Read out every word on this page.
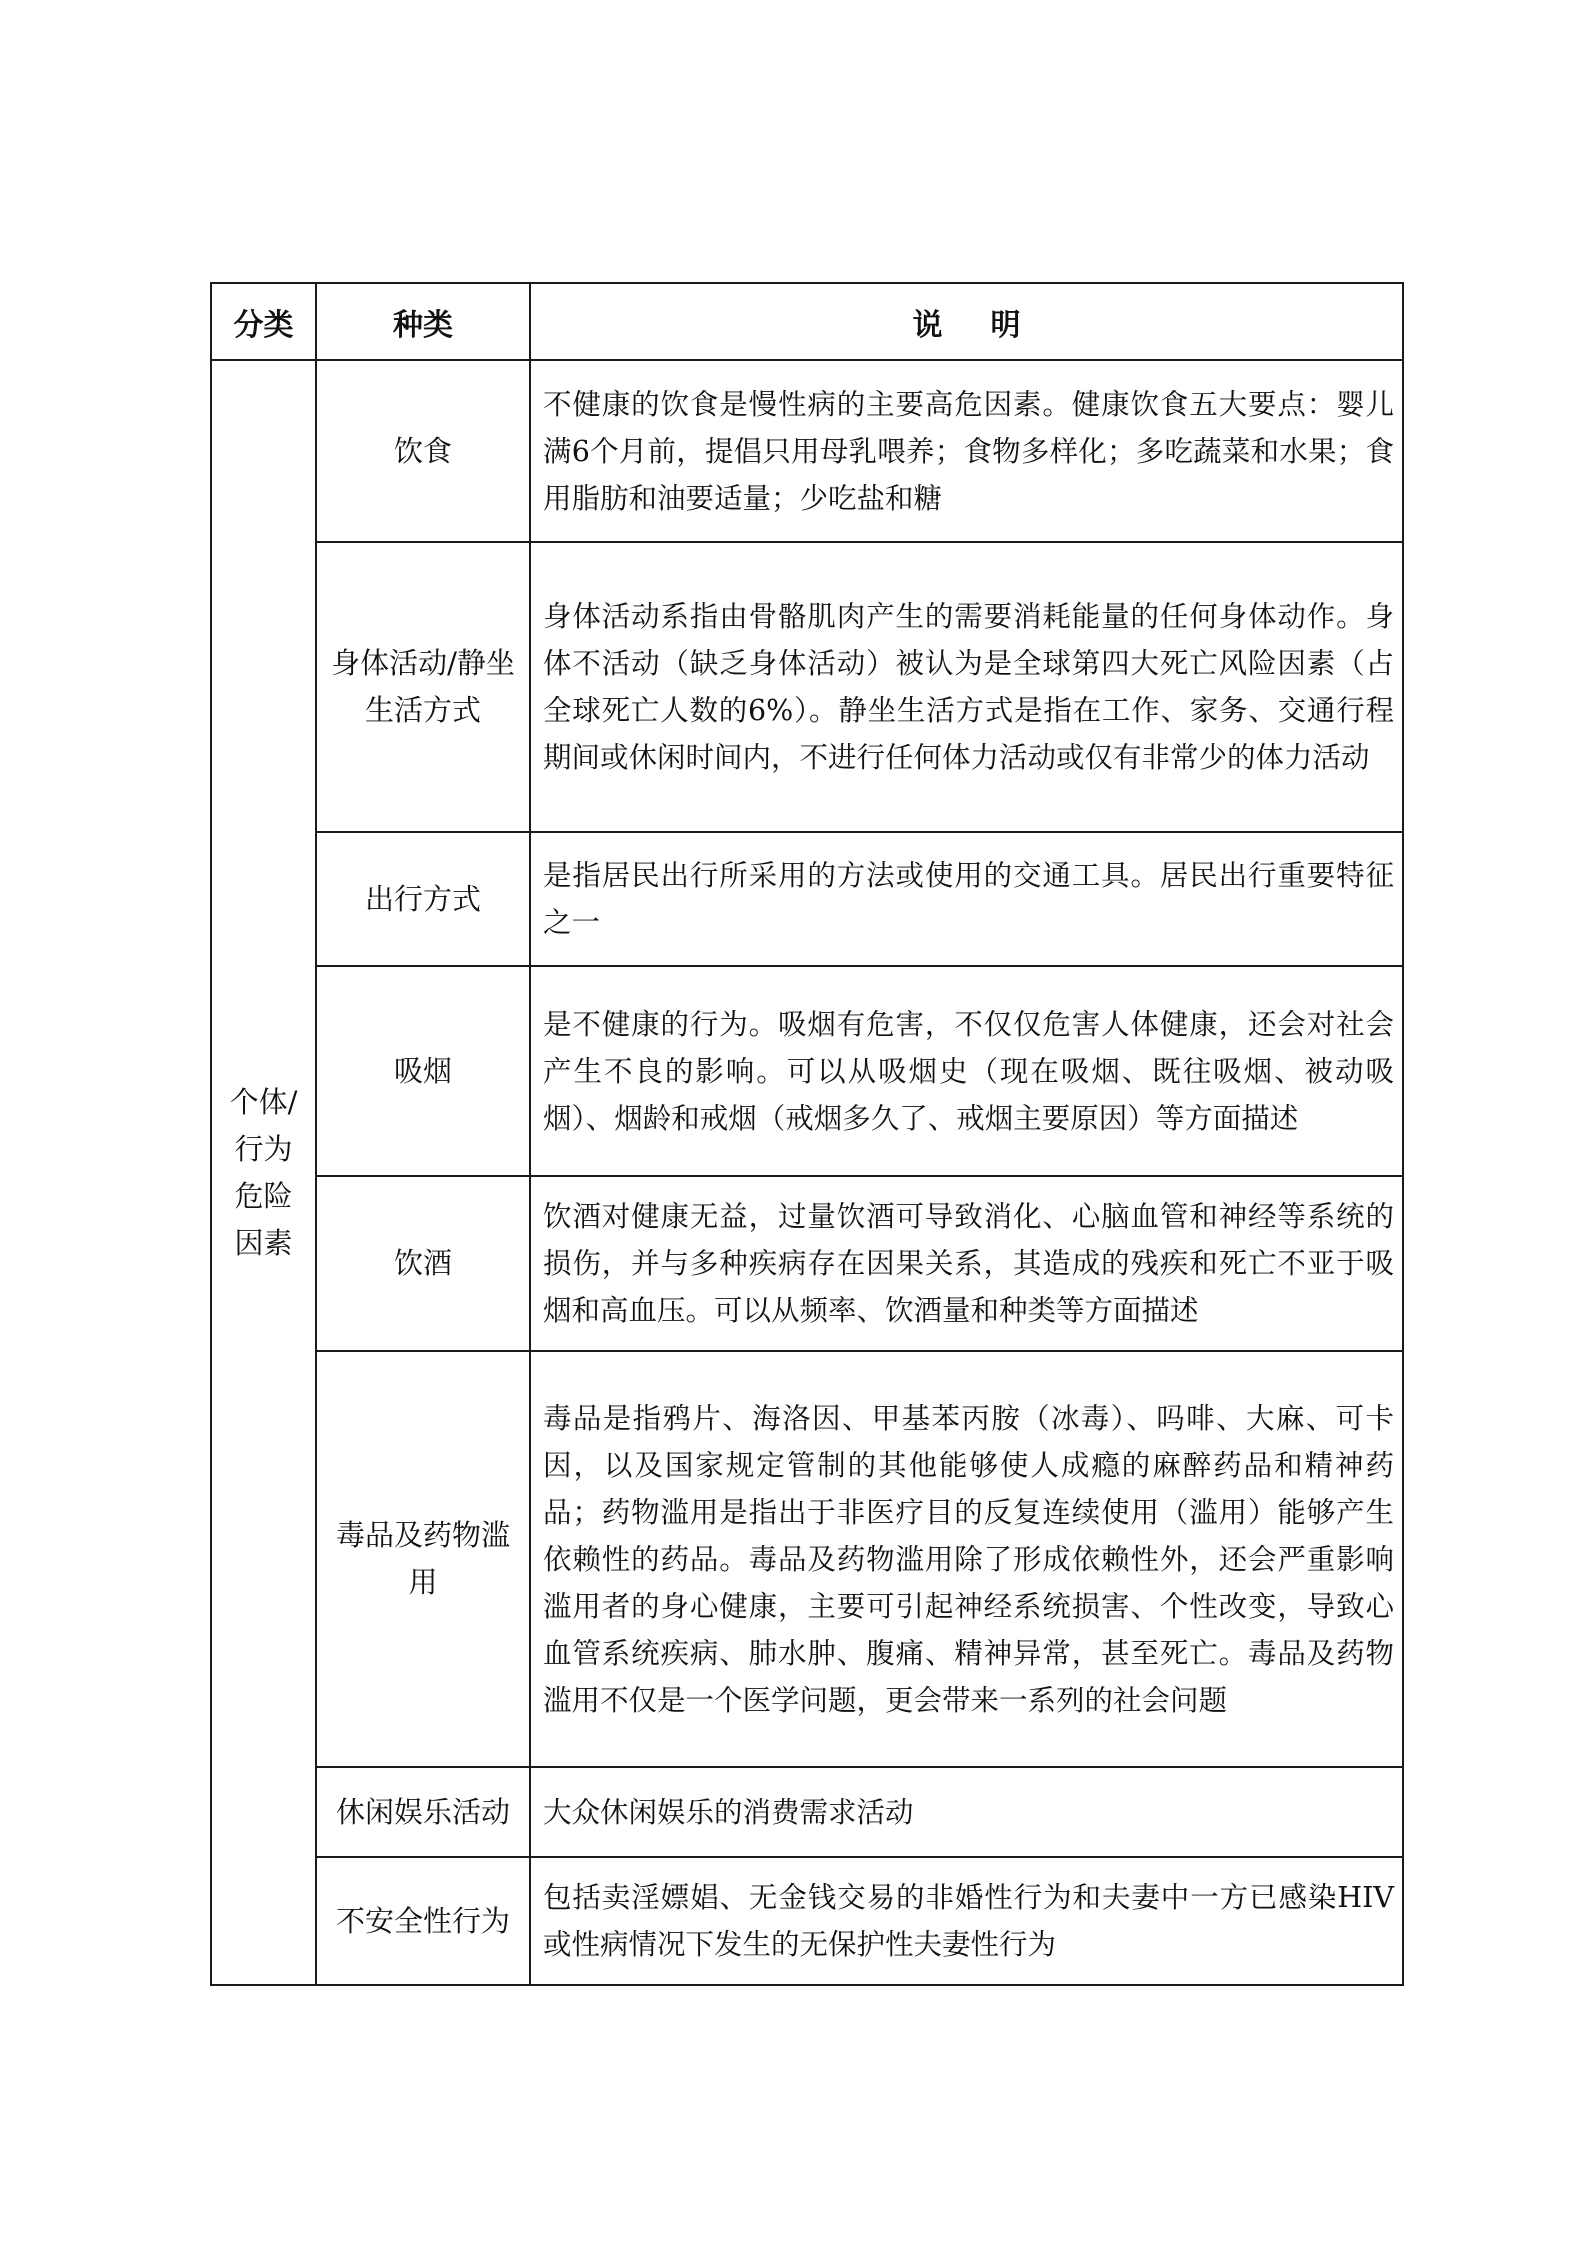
分类	种类	说明
个体/行为危险因素	饮食	不健康的饮食是慢性病的主要高危因素。健康饮食五大要点：婴儿满6个月前，提倡只用母乳喂养；食物多样化；多吃蔬菜和水果；食用脂肪和油要适量；少吃盐和糖
	身体活动/静坐生活方式	身体活动系指由骨骼肌肉产生的需要消耗能量的任何身体动作。身体不活动（缺乏身体活动）被认为是全球第四大死亡风险因素（占全球死亡人数的6%）。静坐生活方式是指在工作、家务、交通行程期间或休闲时间内，不进行任何体力活动或仅有非常少的体力活动
	出行方式	是指居民出行所采用的方法或使用的交通工具。居民出行重要特征之一
	吸烟	是不健康的行为。吸烟有危害，不仅仅危害人体健康，还会对社会产生不良的影响。可以从吸烟史（现在吸烟、既往吸烟、被动吸烟）、烟龄和戒烟（戒烟多久了、戒烟主要原因）等方面描述
	饮酒	饮酒对健康无益，过量饮酒可导致消化、心脑血管和神经等系统的损伤，并与多种疾病存在因果关系，其造成的残疾和死亡不亚于吸烟和高血压。可以从频率、饮酒量和种类等方面描述
	毒品及药物滥用	毒品是指鸦片、海洛因、甲基苯丙胺（冰毒）、吗啡、大麻、可卡因，以及国家规定管制的其他能够使人成瘾的麻醉药品和精神药品；药物滥用是指出于非医疗目的反复连续使用（滥用）能够产生依赖性的药品。毒品及药物滥用除了形成依赖性外，还会严重影响滥用者的身心健康，主要可引起神经系统损害、个性改变，导致心血管系统疾病、肺水肿、腹痛、精神异常，甚至死亡。毒品及药物滥用不仅是一个医学问题，更会带来一系列的社会问题
	休闲娱乐活动	大众休闲娱乐的消费需求活动
	不安全性行为	包括卖淫嫖娼、无金钱交易的非婚性行为和夫妻中一方已感染HIV或性病情况下发生的无保护性夫妻性行为
